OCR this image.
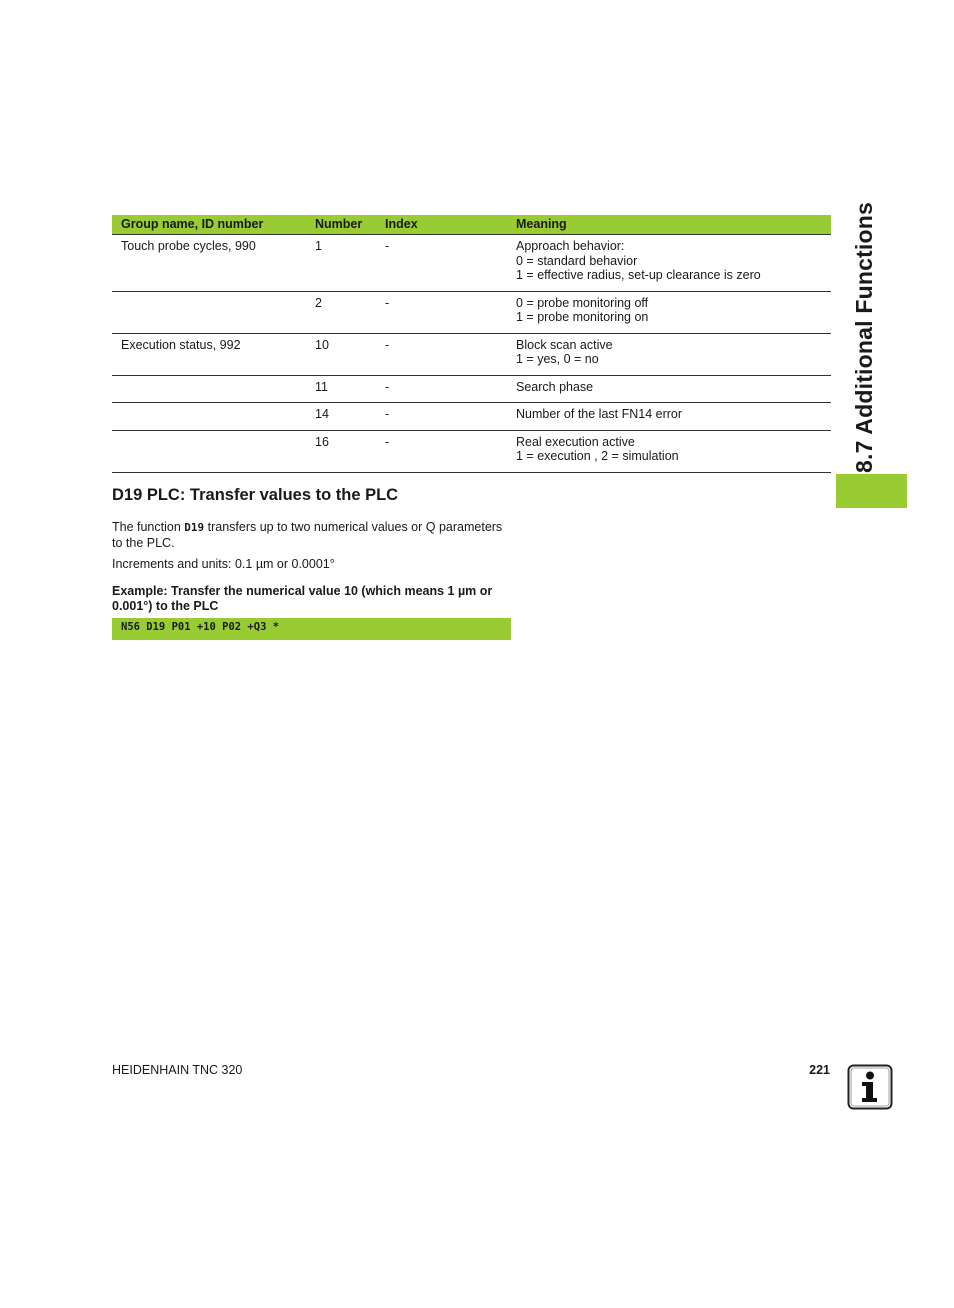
8.7 Additional Functions
Group name, ID number	Number	Index	Meaning
Touch probe cycles, 990	1	-	Approach behavior:
0 = standard behavior
1 = effective radius, set-up clearance is zero

	2	-	0 = probe monitoring off
1 = probe monitoring on

Execution status, 992	10	-	Block scan active
1 = yes, 0 = no

	11	-	Search phase

	14	-	Number of the last FN14 error

	16	-	Real execution active
1 = execution , 2 = simulation
D19 PLC: Transfer values to the PLC

The function D19 transfers up to two numerical values or Q parameters to the PLC.

Increments and units: 0.1 µm or 0.0001°

Example: Transfer the numerical value 10 (which means 1 µm or 0.001°) to the PLC

N56 D19 P01 +10 P02 +Q3 *
HEIDENHAIN TNC 320	221
